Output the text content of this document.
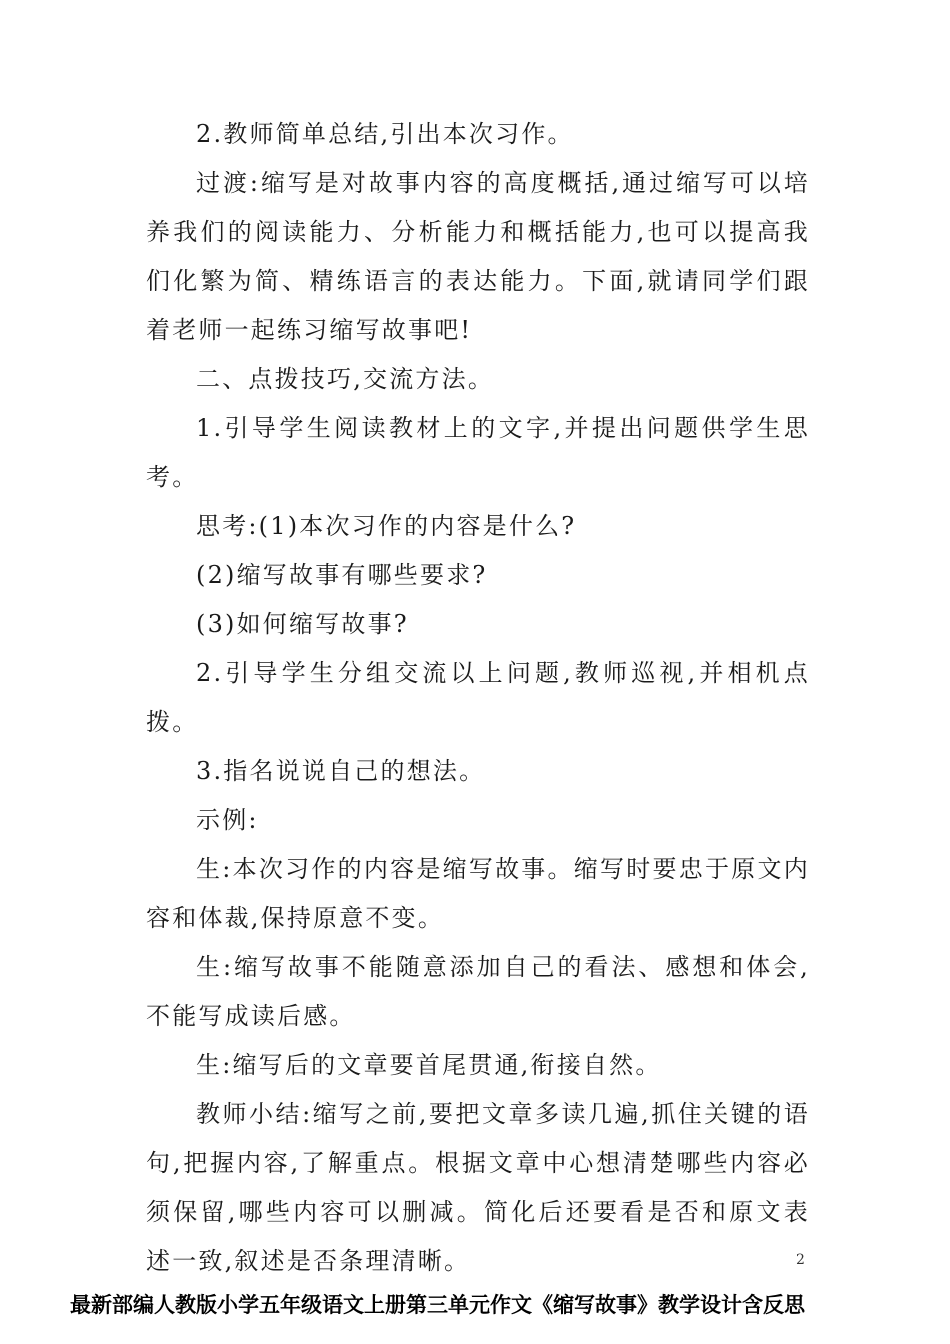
2.教师简单总结,引出本次习作。

过渡:缩写是对故事内容的高度概括,通过缩写可以培养我们的阅读能力、分析能力和概括能力,也可以提高我们化繁为简、精练语言的表达能力。下面,就请同学们跟着老师一起练习缩写故事吧!

二、点拨技巧,交流方法。

1.引导学生阅读教材上的文字,并提出问题供学生思考。

思考:(1)本次习作的内容是什么?

(2)缩写故事有哪些要求?

(3)如何缩写故事?

2.引导学生分组交流以上问题,教师巡视,并相机点拨。

3.指名说说自己的想法。

示例:

生:本次习作的内容是缩写故事。缩写时要忠于原文内容和体裁,保持原意不变。

生:缩写故事不能随意添加自己的看法、感想和体会,不能写成读后感。

生:缩写后的文章要首尾贯通,衔接自然。

教师小结:缩写之前,要把文章多读几遍,抓住关键的语句,把握内容,了解重点。根据文章中心想清楚哪些内容必须保留,哪些内容可以删减。简化后还要看是否和原文表述一致,叙述是否条理清晰。	2
最新部编人教版小学五年级语文上册第三单元作文《缩写故事》教学设计含反思
